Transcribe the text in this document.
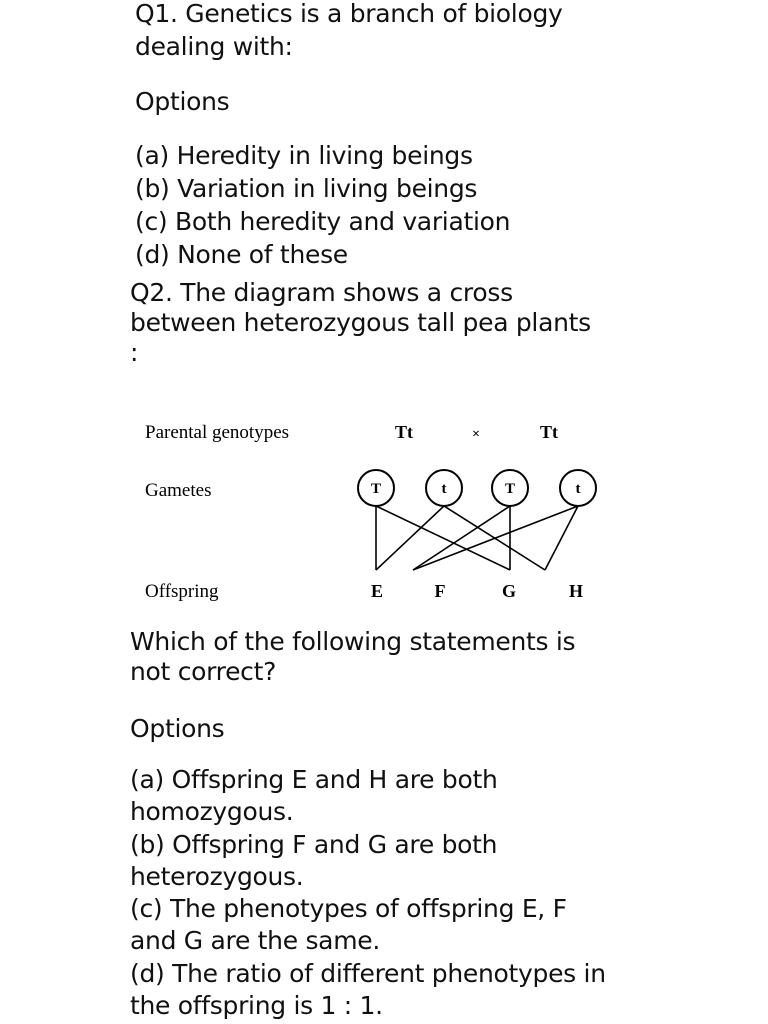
Q1. Genetics is a branch of biology
dealing with:
Options
(a) Heredity in living beings
(b) Variation in living beings
(c) Both heredity and variation
(d) None of these
Q2. The diagram shows a cross
between heterozygous tall pea plants
:
Parental genotypes	Tt	×	Tt
Gametes	T	t	T	t
Offspring	E	F	G	H
Which of the following statements is
not correct?
Options
(a) Offspring E and H are both
homozygous.
(b) Offspring F and G are both
heterozygous.
(c) The phenotypes of offspring E, F
and G are the same.
(d) The ratio of different phenotypes in
the offspring is 1 : 1.
